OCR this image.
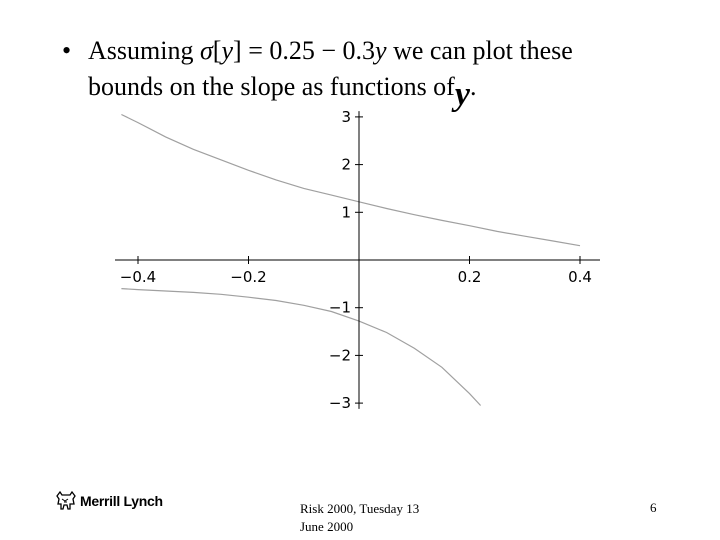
• Assuming σ[y] = 0.25 − 0.3y we can plot these
bounds on the slope as functions ofy.
−0.4	−0.2	0.2	0.4
3
2
1
−1
−2
−3
Merrill Lynch	Risk 2000, Tuesday 13
June 2000
6
